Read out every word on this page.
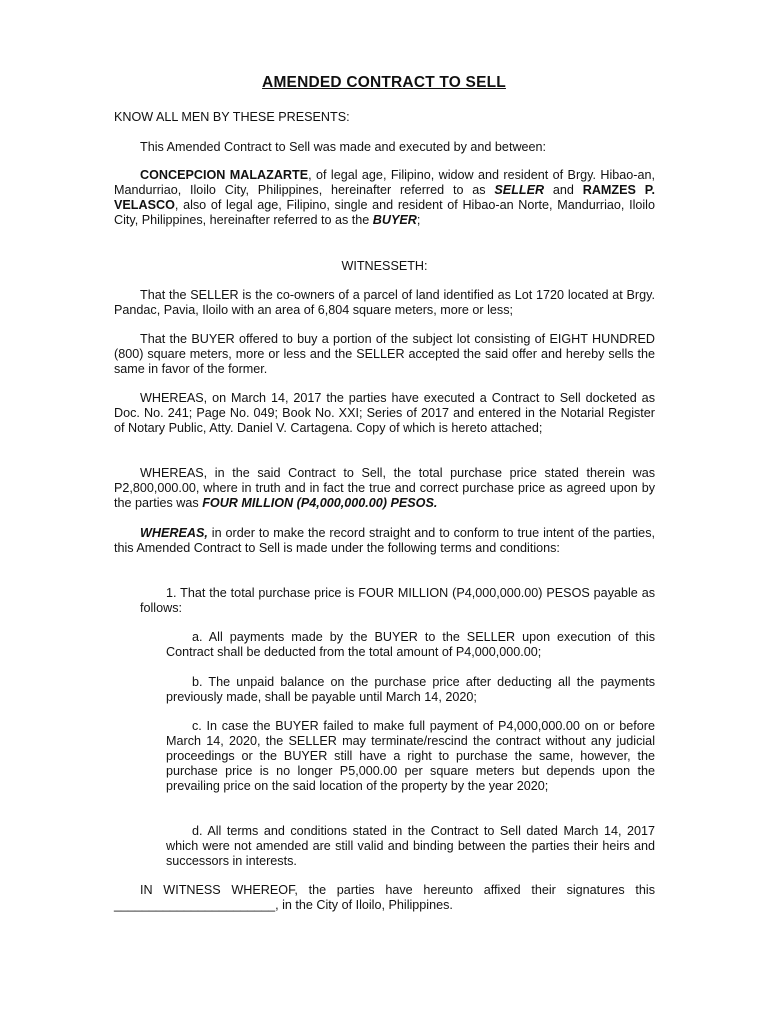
AMENDED CONTRACT TO SELL
KNOW ALL MEN BY THESE PRESENTS:
This Amended Contract to Sell was made and executed by and between:
CONCEPCION MALAZARTE, of legal age, Filipino, widow and resident of Brgy. Hibao-an, Mandurriao, Iloilo City, Philippines, hereinafter referred to as SELLER and RAMZES P. VELASCO, also of legal age, Filipino, single and resident of Hibao-an Norte, Mandurriao, Iloilo City, Philippines, hereinafter referred to as the BUYER;
WITNESSETH:
That the SELLER is the co-owners of a parcel of land identified as Lot 1720 located at Brgy. Pandac, Pavia, Iloilo with an area of 6,804 square meters, more or less;
That the BUYER offered to buy a portion of the subject lot consisting of EIGHT HUNDRED (800) square meters, more or less and the SELLER accepted the said offer and hereby sells the same in favor of the former.
WHEREAS, on March 14, 2017 the parties have executed a Contract to Sell docketed as Doc. No. 241; Page No. 049; Book No. XXI; Series of 2017 and entered in the Notarial Register of Notary Public, Atty. Daniel V. Cartagena. Copy of which is hereto attached;
WHEREAS, in the said Contract to Sell, the total purchase price stated therein was P2,800,000.00, where in truth and in fact the true and correct purchase price as agreed upon by the parties was FOUR MILLION (P4,000,000.00) PESOS.
WHEREAS, in order to make the record straight and to conform to true intent of the parties, this Amended Contract to Sell is made under the following terms and conditions:
1. That the total purchase price is FOUR MILLION (P4,000,000.00) PESOS payable as follows:
a. All payments made by the BUYER to the SELLER upon execution of this Contract shall be deducted from the total amount of P4,000,000.00;
b. The unpaid balance on the purchase price after deducting all the payments previously made, shall be payable until March 14, 2020;
c. In case the BUYER failed to make full payment of P4,000,000.00 on or before March 14, 2020, the SELLER may terminate/rescind the contract without any judicial proceedings or the BUYER still have a right to purchase the same, however, the purchase price is no longer P5,000.00 per square meters but depends upon the prevailing price on the said location of the property by the year 2020;
d. All terms and conditions stated in the Contract to Sell dated March 14, 2017 which were not amended are still valid and binding between the parties their heirs and successors in interests.
IN WITNESS WHEREOF, the parties have hereunto affixed their signatures this _______________________, in the City of Iloilo, Philippines.
